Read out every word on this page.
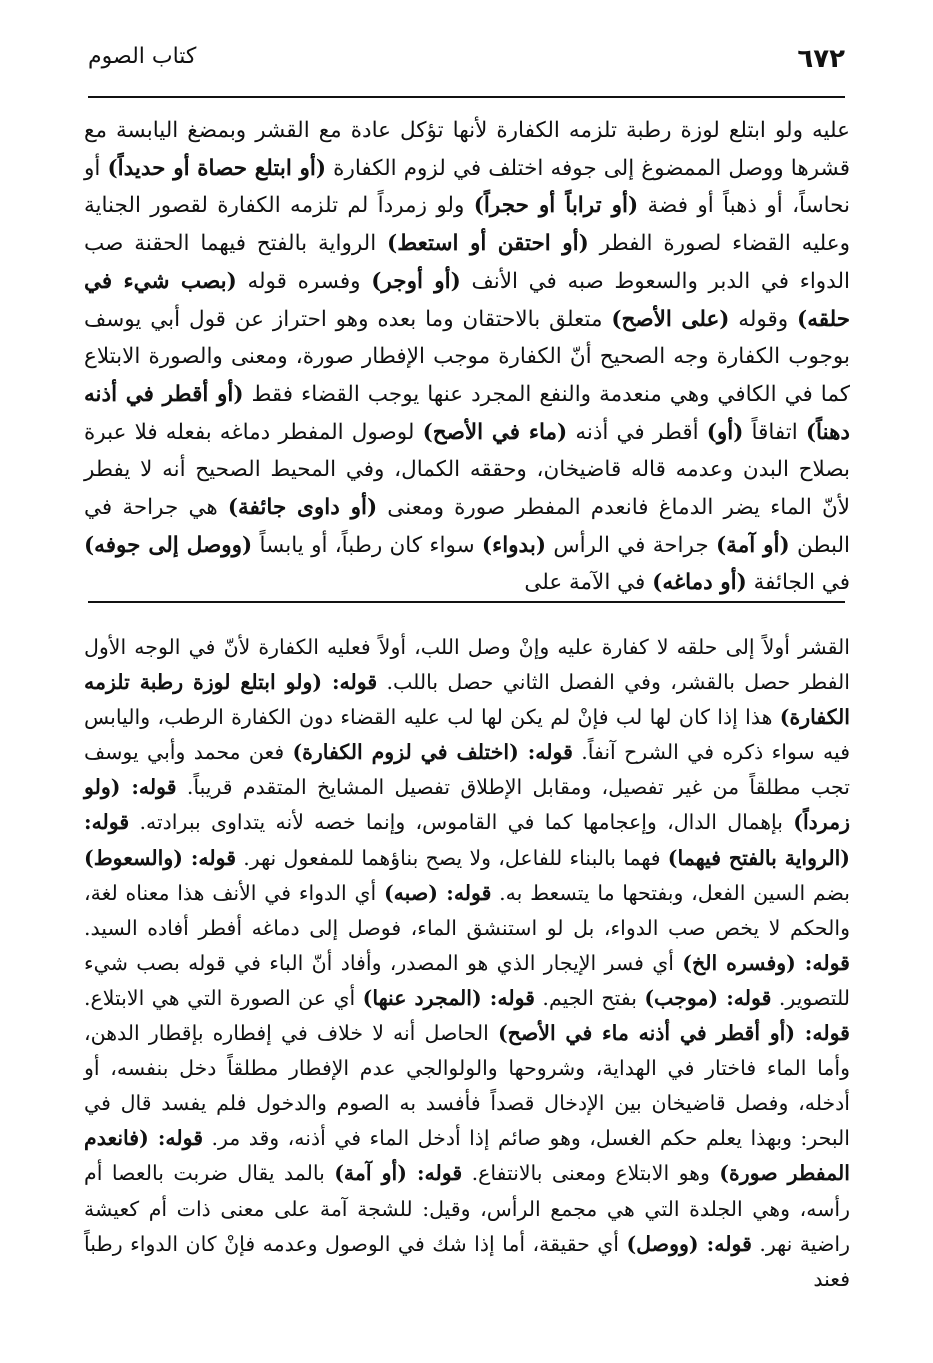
٦٧٢
كتاب الصوم

عليه ولو ابتلع لوزة رطبة تلزمه الكفارة لأنها تؤكل عادة مع القشر وبمضغ اليابسة مع قشرها ووصل الممضوغ إلى جوفه اختلف في لزوم الكفارة (أو ابتلع حصاة أو حديداً) أو نحاساً، أو ذهباً أو فضة (أو تراباً أو حجراً) ولو زمرداً لم تلزمه الكفارة لقصور الجناية وعليه القضاء لصورة الفطر (أو احتقن أو استعط) الرواية بالفتح فيهما الحقنة صب الدواء في الدبر والسعوط صبه في الأنف (أو أوجر) وفسره قوله (بصب شيء في حلقه) وقوله (على الأصح) متعلق بالاحتقان وما بعده وهو احتراز عن قول أبي يوسف بوجوب الكفارة وجه الصحيح أنّ الكفارة موجب الإفطار صورة، ومعنى والصورة الابتلاع كما في الكافي وهي منعدمة والنفع المجرد عنها يوجب القضاء فقط (أو أقطر في أذنه دهناً) اتفاقاً (أو) أقطر في أذنه (ماء في الأصح) لوصول المفطر دماغه بفعله فلا عبرة بصلاح البدن وعدمه قاله قاضيخان، وحققه الكمال، وفي المحيط الصحيح أنه لا يفطر لأنّ الماء يضر الدماغ فانعدم المفطر صورة ومعنى (أو داوى جائفة) هي جراحة في البطن (أو آمة) جراحة في الرأس (بدواء) سواء كان رطباً، أو يابساً (ووصل إلى جوفه) في الجائفة (أو دماغه) في الآمة على

القشر أولاً إلى حلقه لا كفارة عليه وإنْ وصل اللب، أولاً فعليه الكفارة لأنّ في الوجه الأول الفطر حصل بالقشر، وفي الفصل الثاني حصل باللب. قوله: (ولو ابتلع لوزة رطبة تلزمه الكفارة) هذا إذا كان لها لب فإنْ لم يكن لها لب عليه القضاء دون الكفارة الرطب، واليابس فيه سواء ذكره في الشرح آنفاً. قوله: (اختلف في لزوم الكفارة) فعن محمد وأبي يوسف تجب مطلقاً من غير تفصيل، ومقابل الإطلاق تفصيل المشايخ المتقدم قريباً. قوله: (ولو زمرداً) بإهمال الدال، وإعجامها كما في القاموس، وإنما خصه لأنه يتداوى ببرادته. قوله: (الرواية بالفتح فيهما) فهما بالبناء للفاعل، ولا يصح بناؤهما للمفعول نهر. قوله: (والسعوط) بضم السين الفعل، وبفتحها ما يتسعط به. قوله: (صبه) أي الدواء في الأنف هذا معناه لغة، والحكم لا يخص صب الدواء، بل لو استنشق الماء، فوصل إلى دماغه أفطر أفاده السيد. قوله: (وفسره الخ) أي فسر الإيجار الذي هو المصدر، وأفاد أنّ الباء في قوله بصب شيء للتصوير. قوله: (موجب) بفتح الجيم. قوله: (المجرد عنها) أي عن الصورة التي هي الابتلاع. قوله: (أو أقطر في أذنه ماء في الأصح) الحاصل أنه لا خلاف في إفطاره بإقطار الدهن، وأما الماء فاختار في الهداية، وشروحها والولوالجي عدم الإفطار مطلقاً دخل بنفسه، أو أدخله، وفصل قاضيخان بين الإدخال قصداً فأفسد به الصوم والدخول فلم يفسد قال في البحر: وبهذا يعلم حكم الغسل، وهو صائم إذا أدخل الماء في أذنه، وقد مر. قوله: (فانعدم المفطر صورة) وهو الابتلاع ومعنى بالانتفاع. قوله: (أو آمة) بالمد يقال ضربت بالعصا أم رأسه، وهي الجلدة التي هي مجمع الرأس، وقيل: للشجة آمة على معنى ذات أم كعيشة راضية نهر. قوله: (ووصل) أي حقيقة، أما إذا شك في الوصول وعدمه فإنْ كان الدواء رطباً فعند
